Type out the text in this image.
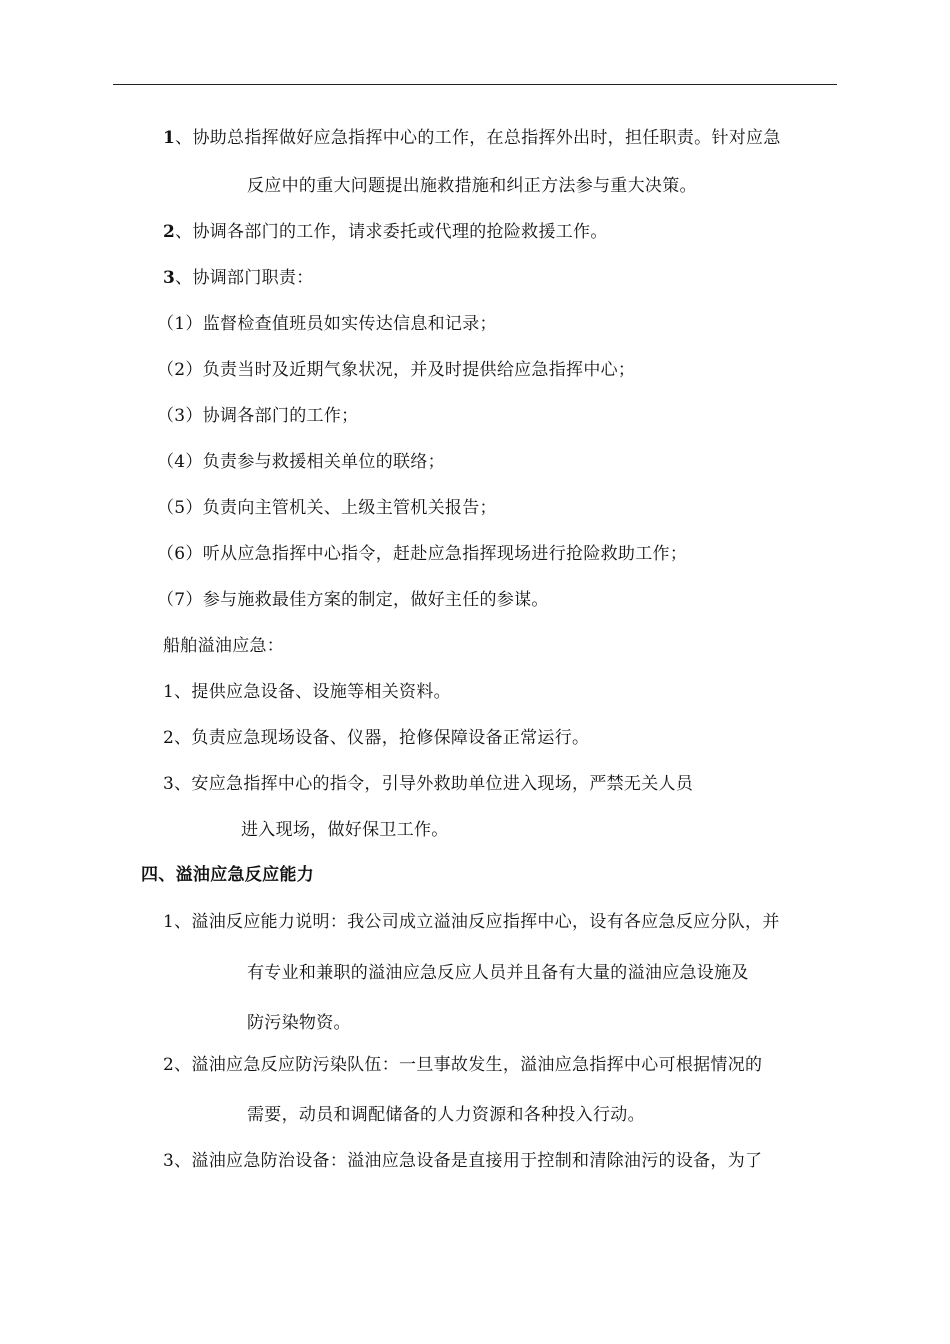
1、协助总指挥做好应急指挥中心的工作，在总指挥外出时，担任职责。针对应急
反应中的重大问题提出施救措施和纠正方法参与重大决策。
2、协调各部门的工作，请求委托或代理的抢险救援工作。
3、协调部门职责：
（1）监督检查值班员如实传达信息和记录；
（2）负责当时及近期气象状况，并及时提供给应急指挥中心；
（3）协调各部门的工作；
（4）负责参与救援相关单位的联络；
（5）负责向主管机关、上级主管机关报告；
（6）听从应急指挥中心指令，赶赴应急指挥现场进行抢险救助工作；
（7）参与施救最佳方案的制定，做好主任的参谋。
船舶溢油应急：
1、提供应急设备、设施等相关资料。
2、负责应急现场设备、仪器，抢修保障设备正常运行。
3、安应急指挥中心的指令，引导外救助单位进入现场，严禁无关人员
进入现场，做好保卫工作。
四、溢油应急反应能力
1、溢油反应能力说明：我公司成立溢油反应指挥中心，设有各应急反应分队，并
有专业和兼职的溢油应急反应人员并且备有大量的溢油应急设施及
防污染物资。
2、溢油应急反应防污染队伍：一旦事故发生，溢油应急指挥中心可根据情况的
需要，动员和调配储备的人力资源和各种投入行动。
3、溢油应急防治设备：溢油应急设备是直接用于控制和清除油污的设备，为了
